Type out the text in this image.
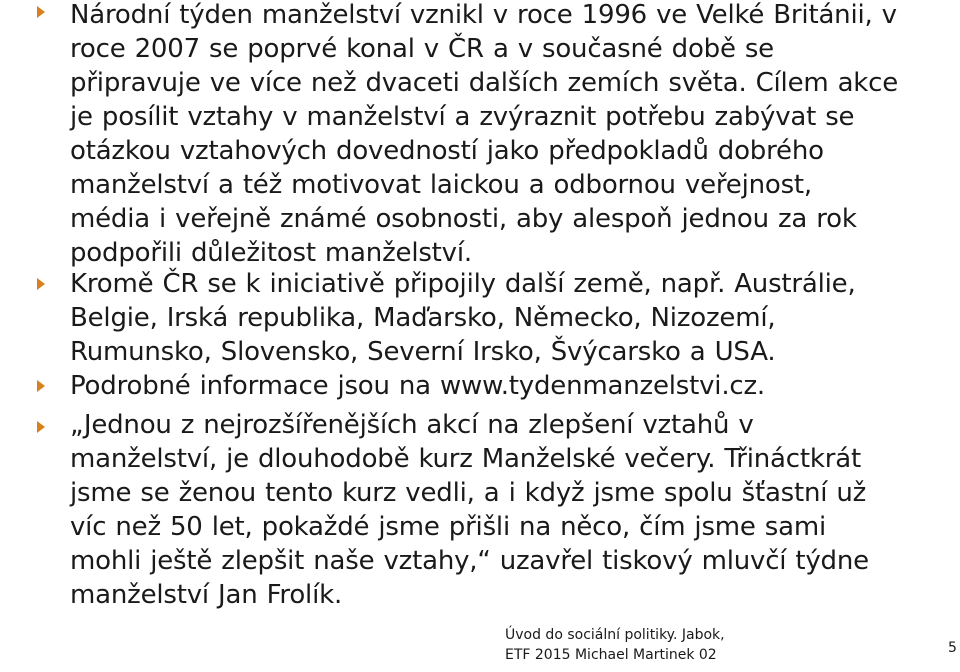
Národní týden manželství vznikl v roce 1996 ve Velké Británii, v roce 2007 se poprvé konal v ČR a v současné době se připravuje ve více než dvaceti dalších zemích světa. Cílem akce je posílit vztahy v manželství a zvýraznit potřebu zabývat se otázkou vztahových dovedností jako předpokladů dobrého manželství a též motivovat laickou a odbornou veřejnost, média i veřejně známé osobnosti, aby alespoň jednou za rok podpořili důležitost manželství.
Kromě ČR se k iniciativě připojily další země, např. Austrálie, Belgie, Irská republika, Maďarsko, Německo, Nizozemí, Rumunsko, Slovensko, Severní Irsko, Švýcarsko a USA.
Podrobné informace jsou na www.tydenmanzelstvi.cz.
„Jednou z nejrozšířenějších akcí na zlepšení vztahů v manželství, je dlouhodobě kurz Manželské večery. Třináctkrát jsme se ženou tento kurz vedli, a i když jsme spolu šťastní už víc než 50 let, pokaždé jsme přišli na něco, čím jsme sami mohli ještě zlepšit naše vztahy,“ uzavřel tiskový mluvčí týdne manželství Jan Frolík.
Úvod do sociální politiky. Jabok, ETF 2015 Michael Martinek 02	5
